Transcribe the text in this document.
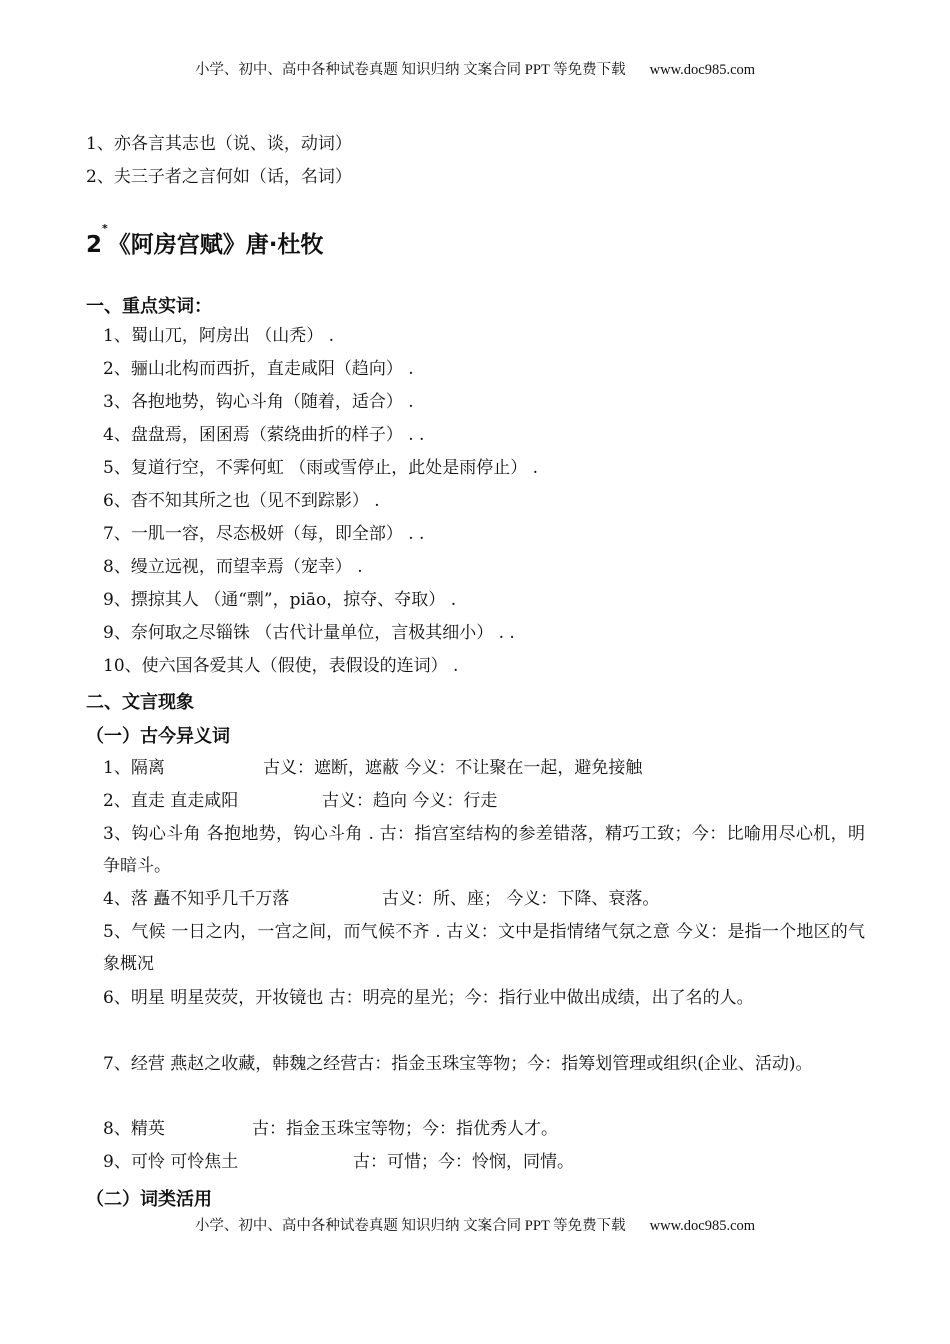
小学、初中、高中各种试卷真题 知识归纳 文案合同 PPT 等免费下载 www.doc985.com
1、亦各言其志也（说、谈，动词）
2、夫三子者之言何如（话，名词）
2*《阿房宫赋》唐·杜牧
一、重点实词：
1、蜀山兀，阿房出 （山秃） .
2、骊山北构而西折，直走咸阳（趋向） .
3、各抱地势，钩心斗角（随着，适合） .
4、盘盘焉，囷囷焉（萦绕曲折的样子） . .
5、复道行空，不霁何虹 （雨或雪停止，此处是雨停止） .
6、杳不知其所之也（见不到踪影） .
7、一肌一容，尽态极妍（每，即全部） . .
8、缦立远视，而望幸焉（宠幸） .
9、摽掠其人 （通“剽”，piāo，掠夺、夺取） .
9、奈何取之尽锱铢 （古代计量单位，言极其细小） . .
10、使六国各爱其人（假使，表假设的连词） .
二、文言现象
（一）古今异义词
1、隔离	古义：遮断，遮蔽 今义：不让聚在一起，避免接触
2、直走 直走咸阳	古义：趋向 今义：行走
3、钩心斗角 各抱地势，钩心斗角 . 古：指宫室结构的参差错落，精巧工致；今：比喻用尽心机，明争暗斗。
4、落 矗不知乎几千万落	古义：所、座； 今义：下降、衰落。
5、气候 一日之内，一宫之间，而气候不齐 . 古义：文中是指情绪气氛之意 今义：是指一个地区的气象概况
6、明星 明星荧荧，开妆镜也 古：明亮的星光；今：指行业中做出成绩，出了名的人。
7、经营 燕赵之收藏，韩魏之经营古：指金玉珠宝等物；今：指筹划管理或组织(企业、活动)。
8、精英	古：指金玉珠宝等物；今：指优秀人才。
9、可怜 可怜焦土	古：可惜；今：怜悯，同情。
（二）词类活用
小学、初中、高中各种试卷真题 知识归纳 文案合同 PPT 等免费下载 www.doc985.com
